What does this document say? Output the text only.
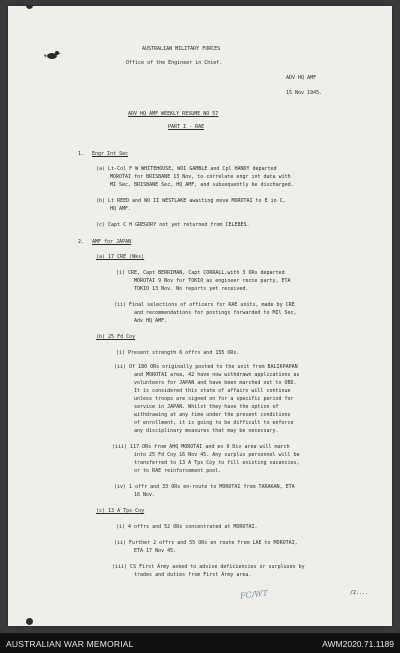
AUSTRALIAN MILITARY FORCES
Office of the Engineer in Chief.
ADV HQ AMF
15 Nov 1945.
ADV HQ AMF WEEKLY RESUME NO 57
PART I - RAE
1. Engr Int Sec
(a) Lt-Col F W WHITEHOUSE, WOI GAMBLE and Cpl HANDY departed
MOROTAI for BRISBANE 13 Nov, to correlate engr int data with
MI Sec, BRISBANE Sec, HQ AMF, and subsequently be discharged.
(b) Lt REED and WO II WESTLAKE awaiting move MOROTAI to E in C,
HQ AMF.
(c) Capt C H GREGORY not yet returned from CELEBES.
2. AMF for JAPAN
(a) 17 CRE (Wks)
(i) CRE, Capt BERRIMAN, Capt CORRALL,with 3 ORs departed
MOROTAI 9 Nov for TOKIO as engineer recce party, ETA
TOKIO 13 Nov. No reports yet received.
(ii) Final selections of officers for RAE units, made by CRE
and recommendations for postings forwarded to MIl Sec,
Adv HQ AMF.
(b) 25 Fd Coy
(i) Present strength 6 offrs and 155 ORs.
(ii) Of 180 ORs originally posted to the unit from BALIKPAPAN
and MOROTAI area, 42 have now withdrawn applications as
volunteers for JAPAN and have been marched out to OBD.
It is considered this state of affairs will continue
unless troops are signed on for a specific period for
service in JAPAN. Whilst they have the option of
withdrawing at any time under the present conditions
of enrollment, it is going to be difficult to enforce
any disciplinary measures that may be necessary.
(iii) 117 ORs from AHQ MOROTAI and ex 9 Div area will march
into 25 Fd Coy 16 Nov 45. Any surplus personnel will be
transferred to 13 A Tps Coy to fill existing vacancies,
or to RAE reinforcement pool.
(iv) 1 offr and 33 ORs en-route to MOROTAI from TARAKAN, ETA
16 Nov.
(c) 13 A Tps Coy
(i) 4 offrs and 52 ORs concentrated at MOROTAI.
(ii) Further 2 offrs and 55 ORs en route from LAE to MOROTAI,
ETA 17 Nov 45.
(iii) CS First Army asked to advise deficiencies or surpluses by
trades and duties from First Army area.
FC/WT	/2....
AUSTRALIAN WAR MEMORIAL	AWM2020.71.1189
